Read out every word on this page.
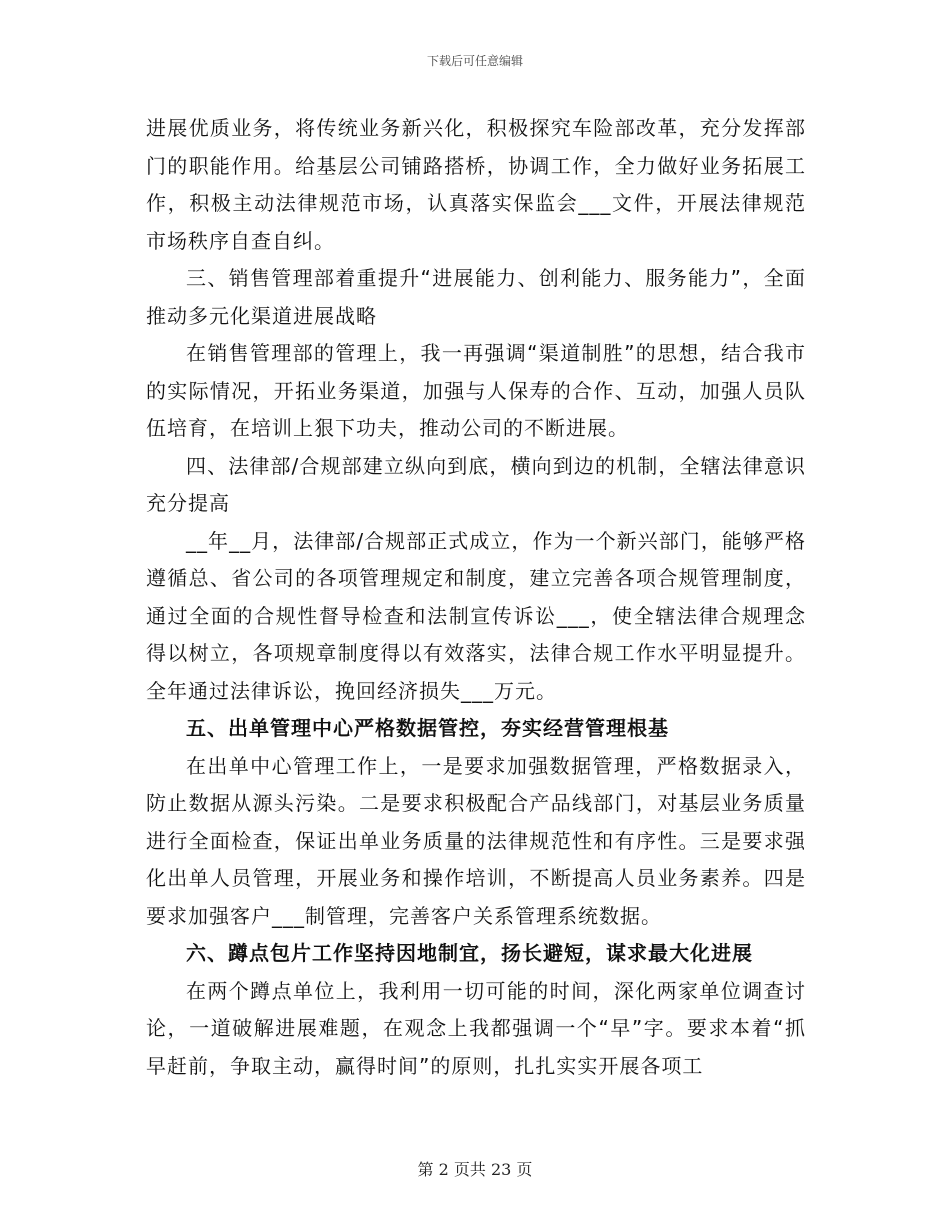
下载后可任意编辑

进展优质业务，将传统业务新兴化，积极探究车险部改革，充分发挥部门的职能作用。给基层公司铺路搭桥，协调工作，全力做好业务拓展工作，积极主动法律规范市场，认真落实保监会___文件，开展法律规范市场秩序自查自纠。

三、销售管理部着重提升“进展能力、创利能力、服务能力”，全面推动多元化渠道进展战略

在销售管理部的管理上，我一再强调“渠道制胜”的思想，结合我市的实际情况，开拓业务渠道，加强与人保寿的合作、互动，加强人员队伍培育，在培训上狠下功夫，推动公司的不断进展。

四、法律部/合规部建立纵向到底，横向到边的机制，全辖法律意识充分提高

__年__月，法律部/合规部正式成立，作为一个新兴部门，能够严格遵循总、省公司的各项管理规定和制度，建立完善各项合规管理制度，通过全面的合规性督导检查和法制宣传诉讼___，使全辖法律合规理念得以树立，各项规章制度得以有效落实，法律合规工作水平明显提升。全年通过法律诉讼，挽回经济损失___万元。

五、出单管理中心严格数据管控，夯实经营管理根基

在出单中心管理工作上，一是要求加强数据管理，严格数据录入，防止数据从源头污染。二是要求积极配合产品线部门，对基层业务质量进行全面检查，保证出单业务质量的法律规范性和有序性。三是要求强化出单人员管理，开展业务和操作培训，不断提高人员业务素养。四是要求加强客户___制管理，完善客户关系管理系统数据。

六、蹲点包片工作坚持因地制宜，扬长避短，谋求最大化进展

在两个蹲点单位上，我利用一切可能的时间，深化两家单位调查讨论，一道破解进展难题，在观念上我都强调一个“早”字。要求本着“抓早赶前，争取主动，赢得时间”的原则，扎扎实实开展各项工

第 2 页共 23 页
